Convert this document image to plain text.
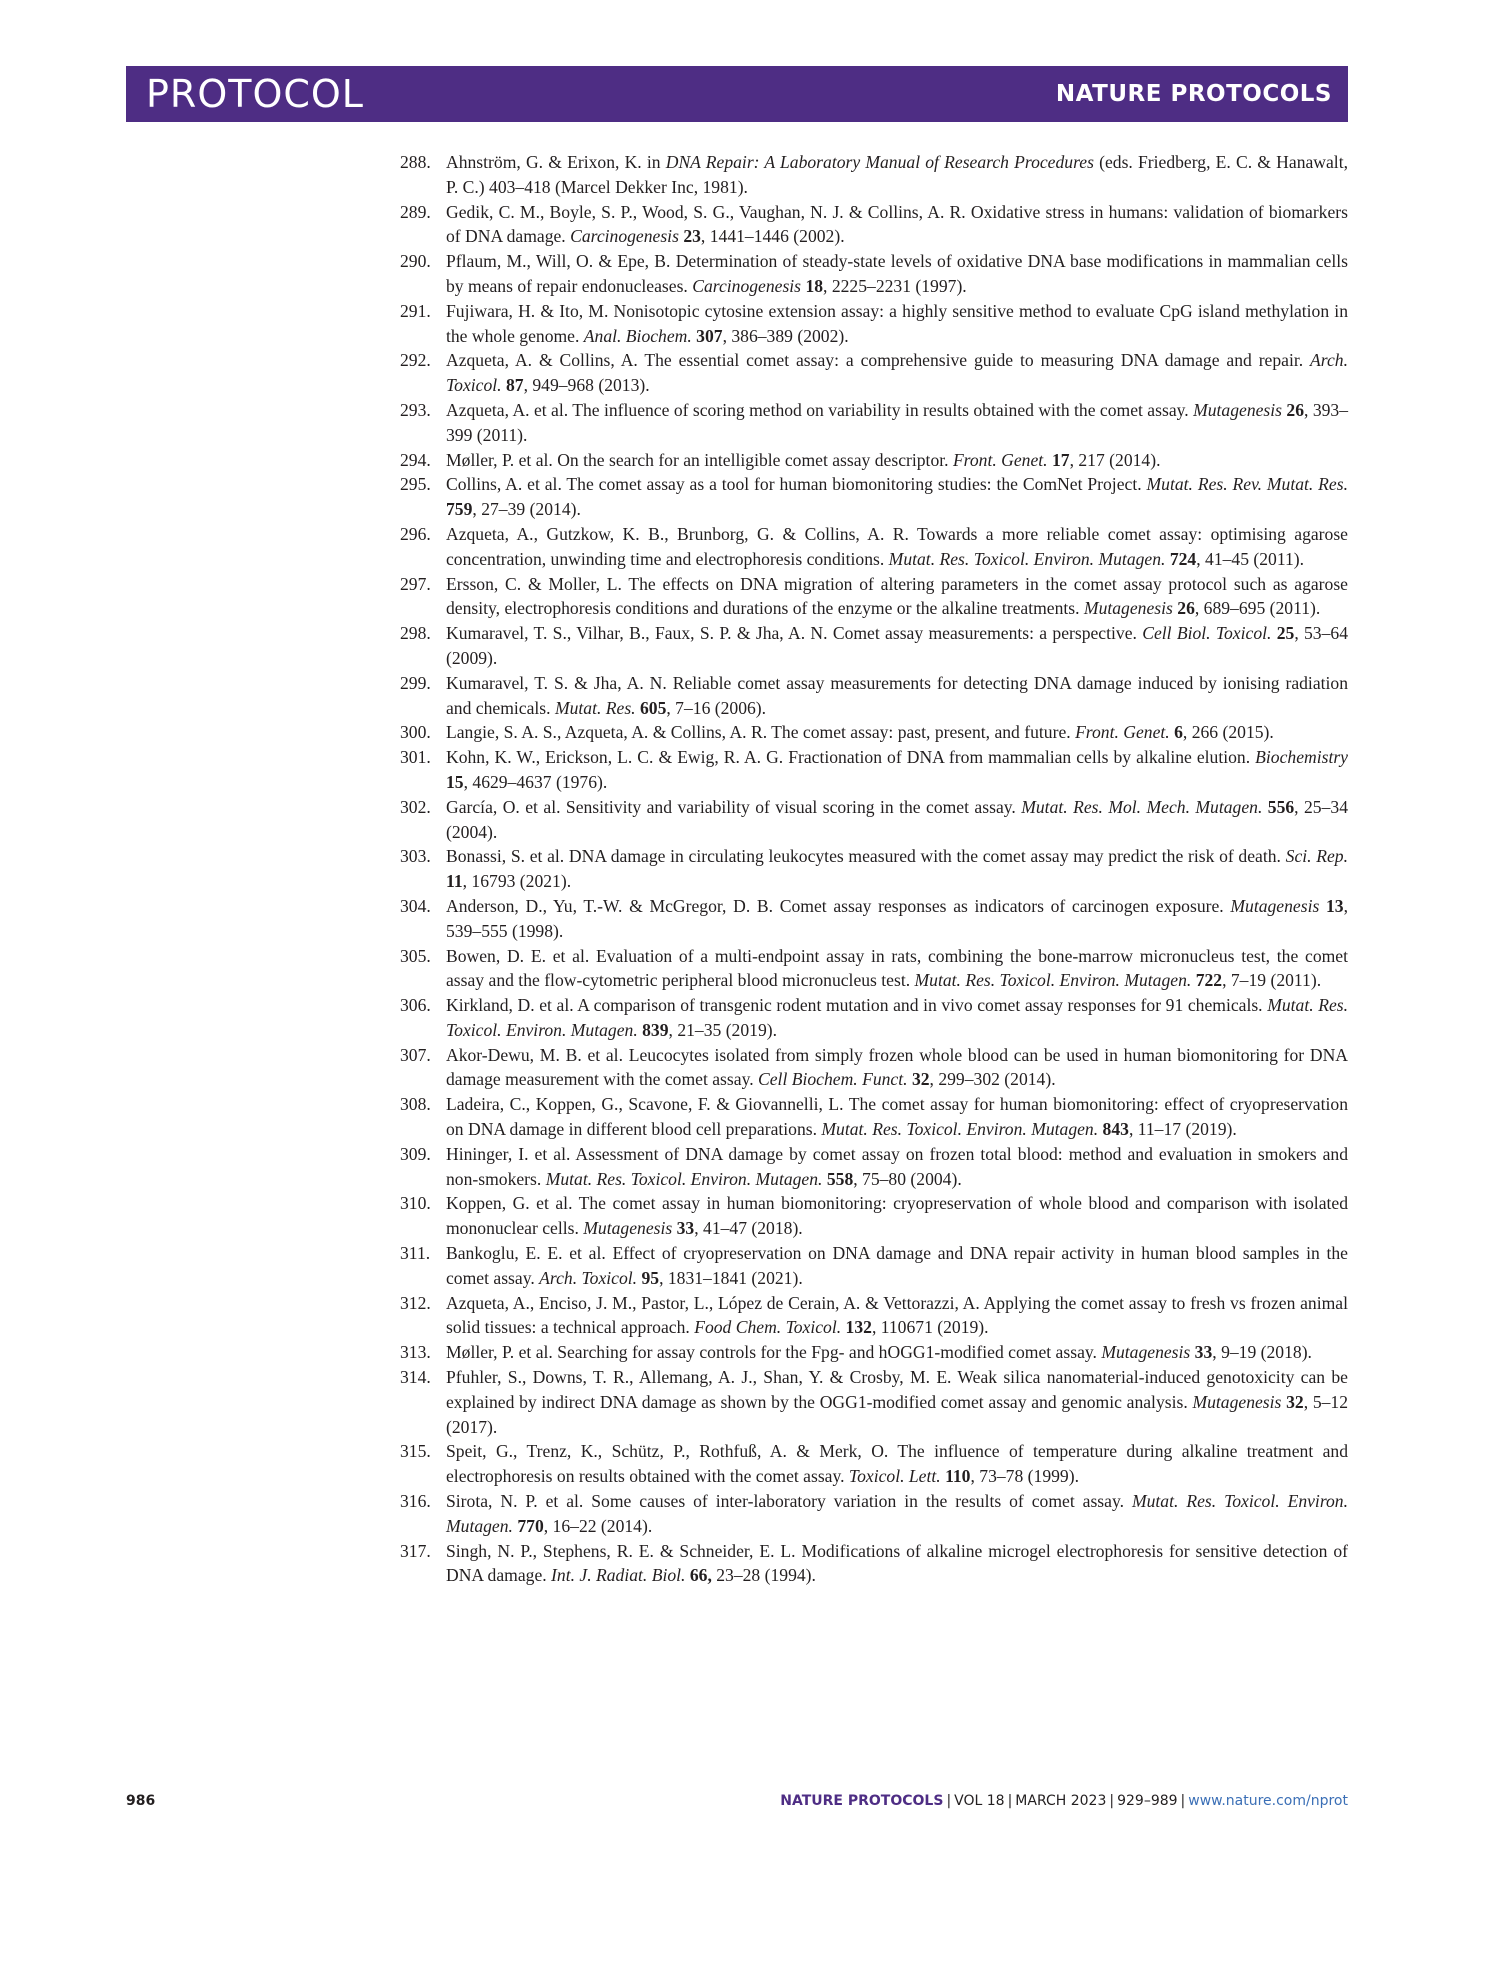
PROTOCOL	NATURE PROTOCOLS
288. Ahnström, G. & Erixon, K. in DNA Repair: A Laboratory Manual of Research Procedures (eds. Friedberg, E. C. & Hanawalt, P. C.) 403–418 (Marcel Dekker Inc, 1981).
289. Gedik, C. M., Boyle, S. P., Wood, S. G., Vaughan, N. J. & Collins, A. R. Oxidative stress in humans: validation of biomarkers of DNA damage. Carcinogenesis 23, 1441–1446 (2002).
290. Pflaum, M., Will, O. & Epe, B. Determination of steady-state levels of oxidative DNA base modifications in mammalian cells by means of repair endonucleases. Carcinogenesis 18, 2225–2231 (1997).
291. Fujiwara, H. & Ito, M. Nonisotopic cytosine extension assay: a highly sensitive method to evaluate CpG island methylation in the whole genome. Anal. Biochem. 307, 386–389 (2002).
292. Azqueta, A. & Collins, A. The essential comet assay: a comprehensive guide to measuring DNA damage and repair. Arch. Toxicol. 87, 949–968 (2013).
293. Azqueta, A. et al. The influence of scoring method on variability in results obtained with the comet assay. Mutagenesis 26, 393–399 (2011).
294. Møller, P. et al. On the search for an intelligible comet assay descriptor. Front. Genet. 17, 217 (2014).
295. Collins, A. et al. The comet assay as a tool for human biomonitoring studies: the ComNet Project. Mutat. Res. Rev. Mutat. Res. 759, 27–39 (2014).
296. Azqueta, A., Gutzkow, K. B., Brunborg, G. & Collins, A. R. Towards a more reliable comet assay: optimising agarose concentration, unwinding time and electrophoresis conditions. Mutat. Res. Toxicol. Environ. Mutagen. 724, 41–45 (2011).
297. Ersson, C. & Moller, L. The effects on DNA migration of altering parameters in the comet assay protocol such as agarose density, electrophoresis conditions and durations of the enzyme or the alkaline treatments. Mutagenesis 26, 689–695 (2011).
298. Kumaravel, T. S., Vilhar, B., Faux, S. P. & Jha, A. N. Comet assay measurements: a perspective. Cell Biol. Toxicol. 25, 53–64 (2009).
299. Kumaravel, T. S. & Jha, A. N. Reliable comet assay measurements for detecting DNA damage induced by ionising radiation and chemicals. Mutat. Res. 605, 7–16 (2006).
300. Langie, S. A. S., Azqueta, A. & Collins, A. R. The comet assay: past, present, and future. Front. Genet. 6, 266 (2015).
301. Kohn, K. W., Erickson, L. C. & Ewig, R. A. G. Fractionation of DNA from mammalian cells by alkaline elution. Biochemistry 15, 4629–4637 (1976).
302. García, O. et al. Sensitivity and variability of visual scoring in the comet assay. Mutat. Res. Mol. Mech. Mutagen. 556, 25–34 (2004).
303. Bonassi, S. et al. DNA damage in circulating leukocytes measured with the comet assay may predict the risk of death. Sci. Rep. 11, 16793 (2021).
304. Anderson, D., Yu, T.-W. & McGregor, D. B. Comet assay responses as indicators of carcinogen exposure. Mutagenesis 13, 539–555 (1998).
305. Bowen, D. E. et al. Evaluation of a multi-endpoint assay in rats, combining the bone-marrow micronucleus test, the comet assay and the flow-cytometric peripheral blood micronucleus test. Mutat. Res. Toxicol. Environ. Mutagen. 722, 7–19 (2011).
306. Kirkland, D. et al. A comparison of transgenic rodent mutation and in vivo comet assay responses for 91 chemicals. Mutat. Res. Toxicol. Environ. Mutagen. 839, 21–35 (2019).
307. Akor-Dewu, M. B. et al. Leucocytes isolated from simply frozen whole blood can be used in human biomonitoring for DNA damage measurement with the comet assay. Cell Biochem. Funct. 32, 299–302 (2014).
308. Ladeira, C., Koppen, G., Scavone, F. & Giovannelli, L. The comet assay for human biomonitoring: effect of cryopreservation on DNA damage in different blood cell preparations. Mutat. Res. Toxicol. Environ. Mutagen. 843, 11–17 (2019).
309. Hininger, I. et al. Assessment of DNA damage by comet assay on frozen total blood: method and evaluation in smokers and non-smokers. Mutat. Res. Toxicol. Environ. Mutagen. 558, 75–80 (2004).
310. Koppen, G. et al. The comet assay in human biomonitoring: cryopreservation of whole blood and comparison with isolated mononuclear cells. Mutagenesis 33, 41–47 (2018).
311. Bankoglu, E. E. et al. Effect of cryopreservation on DNA damage and DNA repair activity in human blood samples in the comet assay. Arch. Toxicol. 95, 1831–1841 (2021).
312. Azqueta, A., Enciso, J. M., Pastor, L., López de Cerain, A. & Vettorazzi, A. Applying the comet assay to fresh vs frozen animal solid tissues: a technical approach. Food Chem. Toxicol. 132, 110671 (2019).
313. Møller, P. et al. Searching for assay controls for the Fpg- and hOGG1-modified comet assay. Mutagenesis 33, 9–19 (2018).
314. Pfuhler, S., Downs, T. R., Allemang, A. J., Shan, Y. & Crosby, M. E. Weak silica nanomaterial-induced genotoxicity can be explained by indirect DNA damage as shown by the OGG1-modified comet assay and genomic analysis. Mutagenesis 32, 5–12 (2017).
315. Speit, G., Trenz, K., Schütz, P., Rothfuß, A. & Merk, O. The influence of temperature during alkaline treatment and electrophoresis on results obtained with the comet assay. Toxicol. Lett. 110, 73–78 (1999).
316. Sirota, N. P. et al. Some causes of inter-laboratory variation in the results of comet assay. Mutat. Res. Toxicol. Environ. Mutagen. 770, 16–22 (2014).
317. Singh, N. P., Stephens, R. E. & Schneider, E. L. Modifications of alkaline microgel electrophoresis for sensitive detection of DNA damage. Int. J. Radiat. Biol. 66, 23–28 (1994).
986	NATURE PROTOCOLS | VOL 18 | MARCH 2023 | 929–989 | www.nature.com/nprot
